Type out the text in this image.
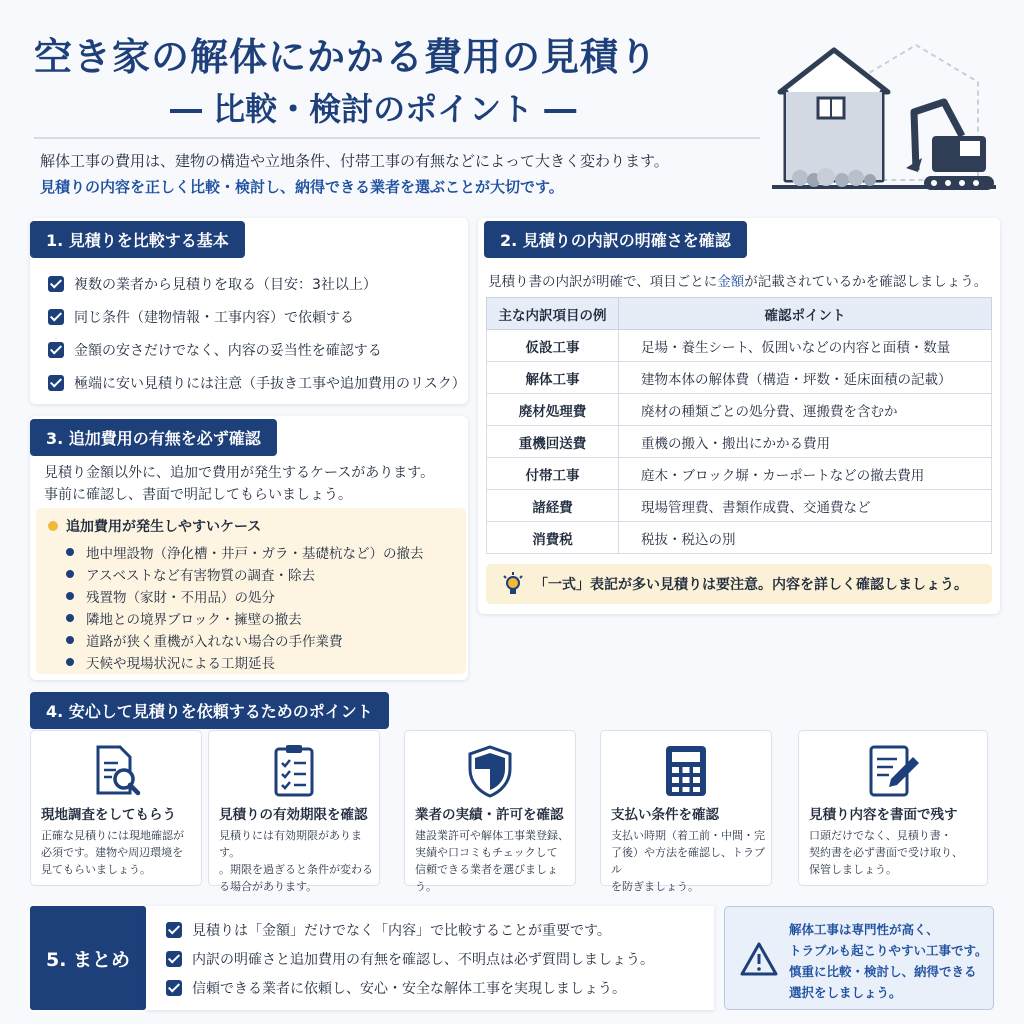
空き家の解体にかかる費用の見積り
― 比較・検討のポイント ―
解体工事の費用は、建物の構造や立地条件、付帯工事の有無などによって大きく変わります。
見積りの内容を正しく比較・検討し、納得できる業者を選ぶことが大切です。
1. 見積りを比較する基本
複数の業者から見積りを取る（目安：3社以上）
同じ条件（建物情報・工事内容）で依頼する
金額の安さだけでなく、内容の妥当性を確認する
極端に安い見積りには注意（手抜き工事や追加費用のリスク）
3. 追加費用の有無を必ず確認
見積り金額以外に、追加で費用が発生するケースがあります。
事前に確認し、書面で明記してもらいましょう。
追加費用が発生しやすいケース
地中埋設物（浄化槽・井戸・ガラ・基礎杭など）の撤去
アスベストなど有害物質の調査・除去
残置物（家財・不用品）の処分
隣地との境界ブロック・擁壁の撤去
道路が狭く重機が入れない場合の手作業費
天候や現場状況による工期延長
2. 見積りの内訳の明確さを確認
見積り書の内訳が明確で、項目ごとに金額が記載されているかを確認しましょう。
主な内訳項目の例	確認ポイント
仮設工事	足場・養生シート、仮囲いなどの内容と面積・数量
解体工事	建物本体の解体費（構造・坪数・延床面積の記載）
廃材処理費	廃材の種類ごとの処分費、運搬費を含むか
重機回送費	重機の搬入・搬出にかかる費用
付帯工事	庭木・ブロック塀・カーポートなどの撤去費用
諸経費	現場管理費、書類作成費、交通費など
消費税	税抜・税込の別
「一式」表記が多い見積りは要注意。内容を詳しく確認しましょう。
4. 安心して見積りを依頼するためのポイント
現地調査をしてもらう
正確な見積りには現地確認が
必須です。建物や周辺環境を
見てもらいましょう。
見積りの有効期限を確認
見積りには有効期限があります。
。期限を過ぎると条件が変わる
る場合があります。
業者の実績・許可を確認
建設業許可や解体工事業登録、
実績や口コミもチェックして
信頼できる業者を選びましょう。
支払い条件を確認
支払い時期（着工前・中間・完
了後）や方法を確認し、トラブル
を防ぎましょう。
見積り内容を書面で残す
口頭だけでなく、見積り書・
契約書を必ず書面で受け取り、
保管しましょう。
5. まとめ
見積りは「金額」だけでなく「内容」で比較することが重要です。
内訳の明確さと追加費用の有無を確認し、不明点は必ず質問しましょう。
信頼できる業者に依頼し、安心・安全な解体工事を実現しましょう。
解体工事は専門性が高く、
トラブルも起こりやすい工事です。
慎重に比較・検討し、納得できる
選択をしましょう。
